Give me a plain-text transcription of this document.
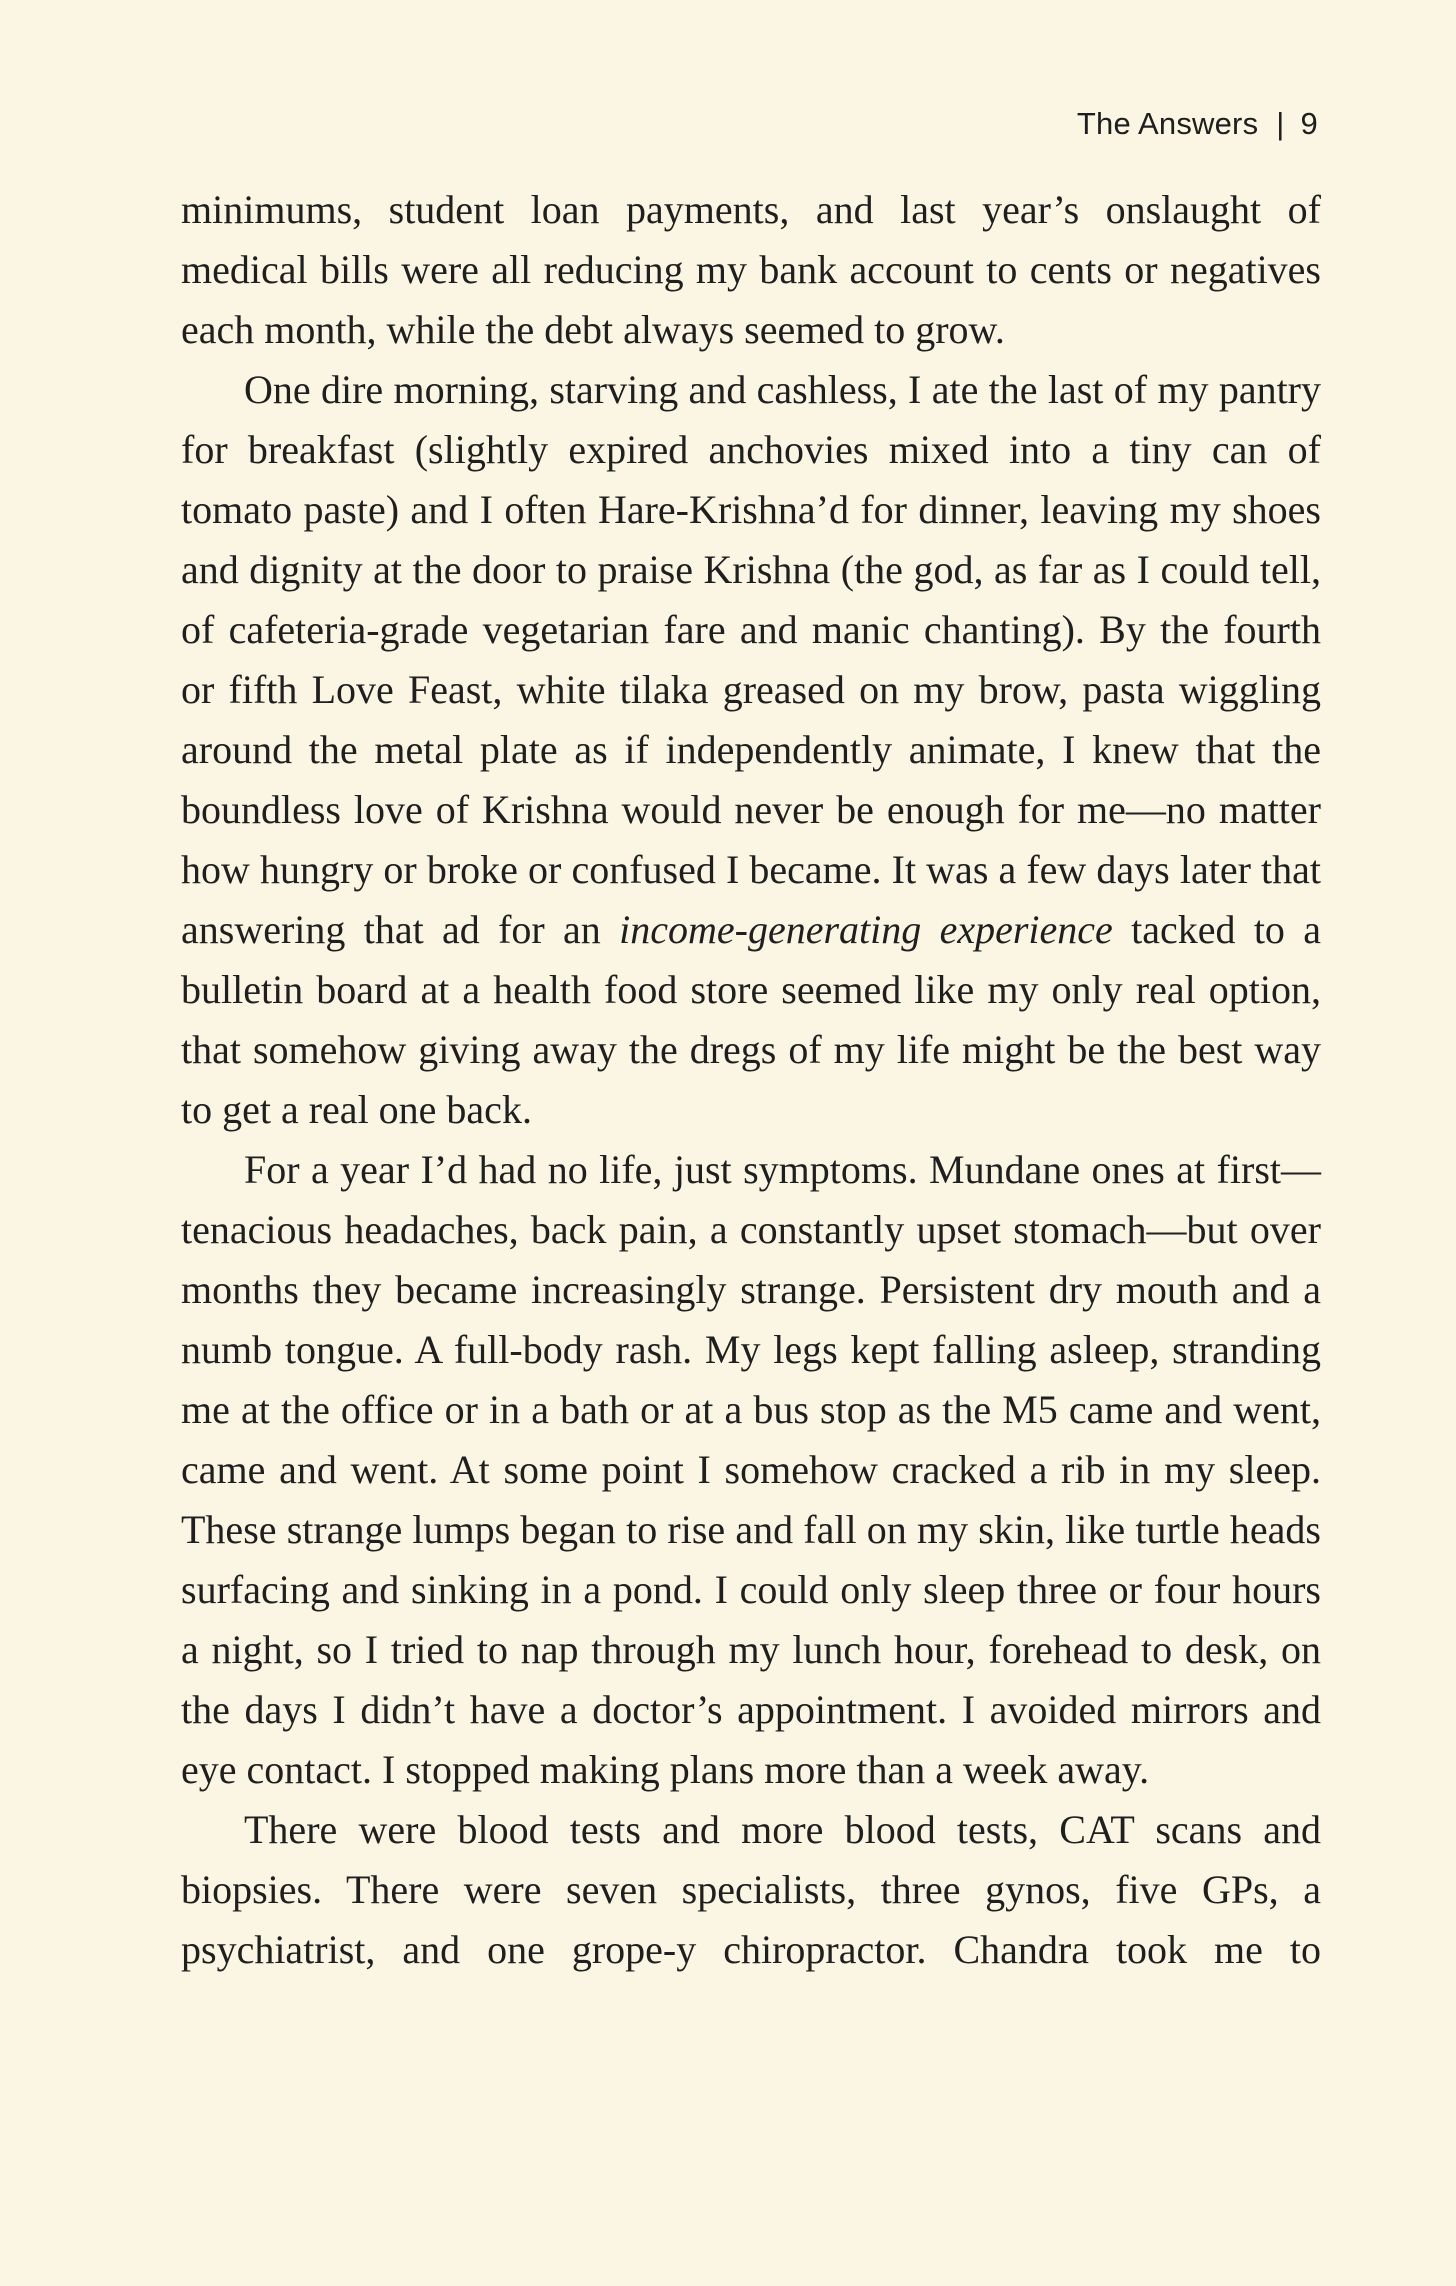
The Answers | 9

minimums, student loan payments, and last year’s onslaught of medical bills were all reducing my bank account to cents or negatives each month, while the debt always seemed to grow.

One dire morning, starving and cashless, I ate the last of my pantry for breakfast (slightly expired anchovies mixed into a tiny can of tomato paste) and I often Hare-Krishna’d for dinner, leaving my shoes and dignity at the door to praise Krishna (the god, as far as I could tell, of cafeteria-grade vegetarian fare and manic chanting). By the fourth or fifth Love Feast, white tilaka greased on my brow, pasta wiggling around the metal plate as if independently animate, I knew that the boundless love of Krishna would never be enough for me—no matter how hungry or broke or confused I became. It was a few days later that answering that ad for an income-generating experience tacked to a bulletin board at a health food store seemed like my only real option, that somehow giving away the dregs of my life might be the best way to get a real one back.

For a year I’d had no life, just symptoms. Mundane ones at first—tenacious headaches, back pain, a constantly upset stomach—but over months they became increasingly strange. Persistent dry mouth and a numb tongue. A full-body rash. My legs kept falling asleep, stranding me at the office or in a bath or at a bus stop as the M5 came and went, came and went. At some point I somehow cracked a rib in my sleep. These strange lumps began to rise and fall on my skin, like turtle heads surfacing and sinking in a pond. I could only sleep three or four hours a night, so I tried to nap through my lunch hour, forehead to desk, on the days I didn’t have a doctor’s appointment. I avoided mirrors and eye contact. I stopped making plans more than a week away.

There were blood tests and more blood tests, CAT scans and biopsies. There were seven specialists, three gynos, five GPs, a psychiatrist, and one grope-y chiropractor. Chandra took me to
